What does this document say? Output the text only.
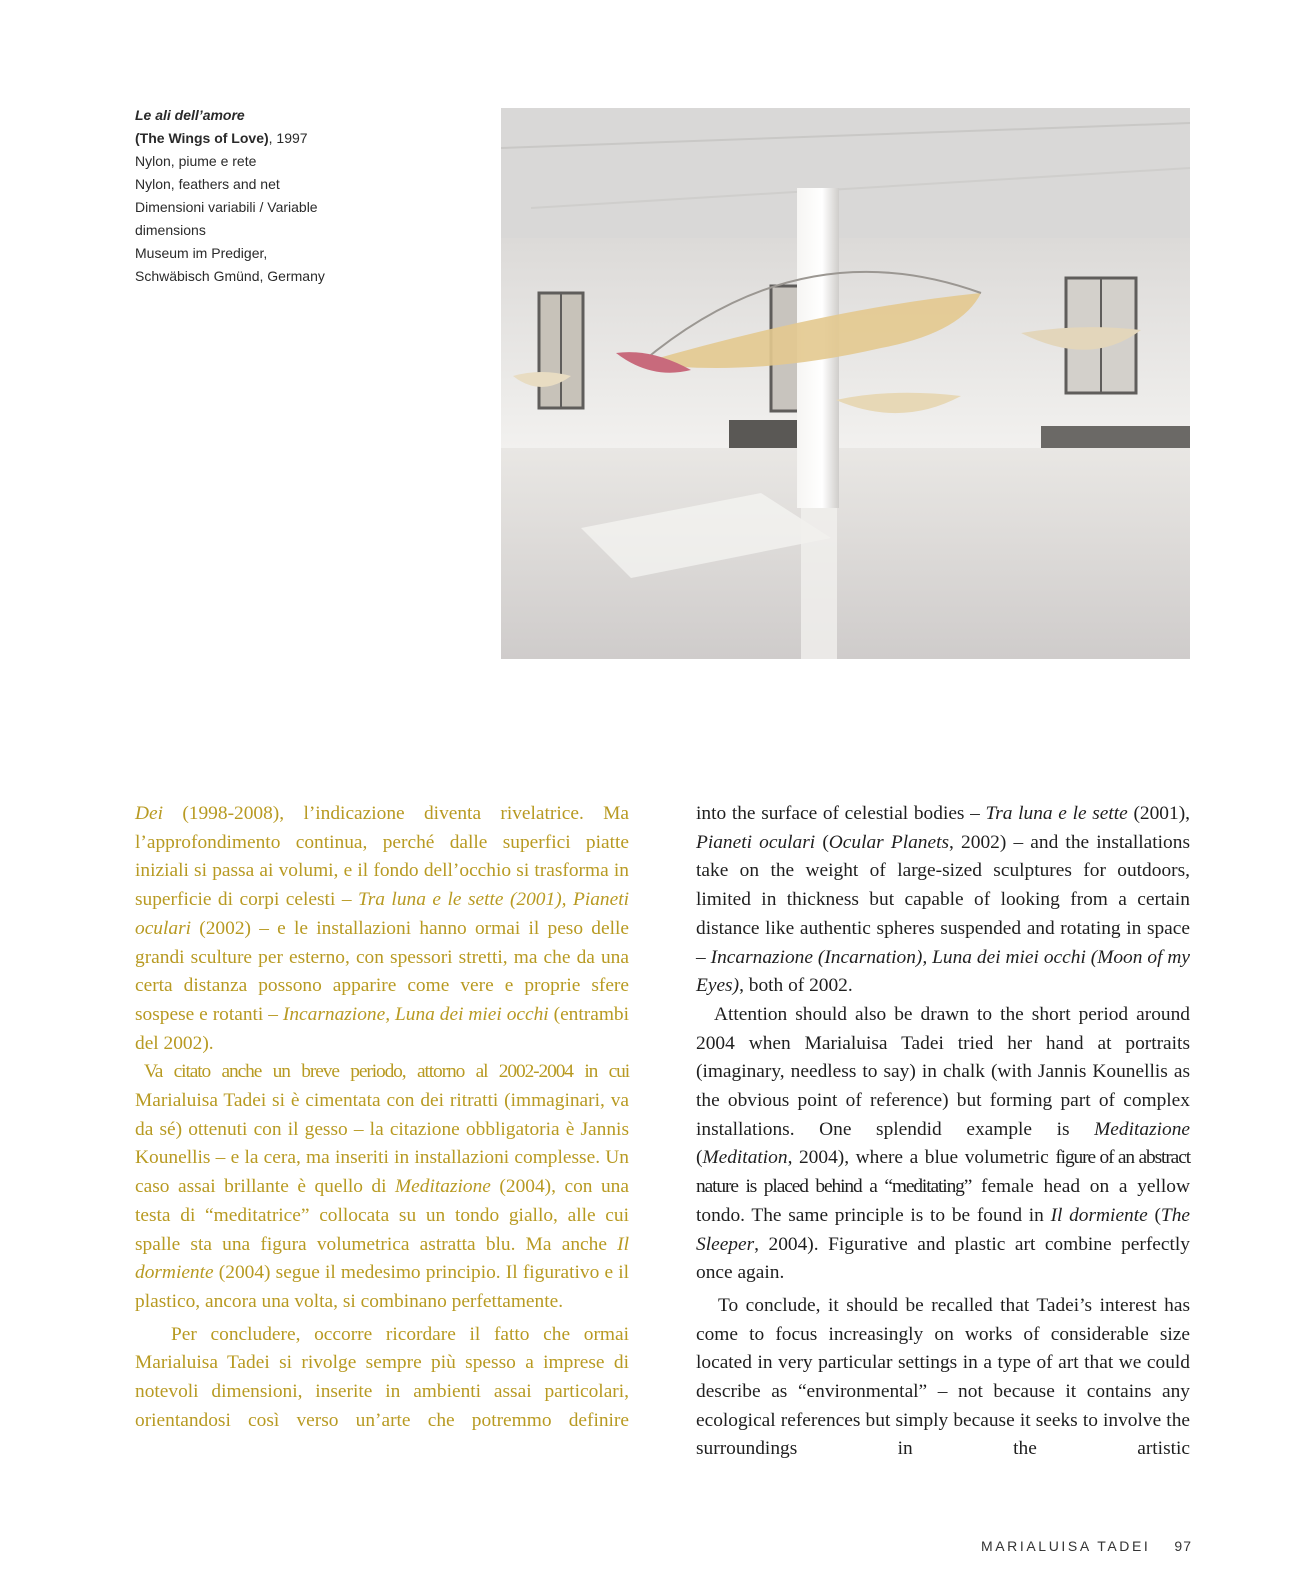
Le ali dell’amore
(The Wings of Love), 1997
Nylon, piume e rete
Nylon, feathers and net
Dimensioni variabili / Variable
dimensions
Museum im Prediger,
Schwäbisch Gmünd, Germany

Dei (1998-2008), l’indicazione diventa rivelatrice. Ma l’approfondimento continua, perché dalle superfici piatte iniziali si passa ai volumi, e il fondo dell’occhio si trasforma in superficie di corpi celesti – Tra luna e le sette (2001), Pianeti oculari (2002) – e le installazioni hanno ormai il peso delle grandi sculture per esterno, con spessori stretti, ma che da una certa distanza possono apparire come vere e proprie sfere sospese e rotanti – Incarnazione, Luna dei miei occhi (entrambi del 2002).

Va citato anche un breve periodo, attorno al 2002-2004 in cui Marialuisa Tadei si è cimentata con dei ritratti (immaginari, va da sé) ottenuti con il gesso – la citazione obbligatoria è Jannis Kounellis – e la cera, ma inseriti in installazioni complesse. Un caso assai brillante è quello di Meditazione (2004), con una testa di “meditatrice” collocata su un tondo giallo, alle cui spalle sta una figura volumetrica astratta blu. Ma anche Il dormiente (2004) segue il medesimo principio. Il figurativo e il plastico, ancora una volta, si combinano perfettamente.

Per concludere, occorre ricordare il fatto che ormai Marialuisa Tadei si rivolge sempre più spesso a imprese di notevoli dimensioni, inserite in ambienti assai particolari, orientandosi così verso un’arte che potremmo definire

into the surface of celestial bodies – Tra luna e le sette (2001), Pianeti oculari (Ocular Planets, 2002) – and the installations take on the weight of large-sized sculptures for outdoors, limited in thickness but capable of looking from a certain distance like authentic spheres suspended and rotating in space – Incarnazione (Incarnation), Luna dei miei occhi (Moon of my Eyes), both of 2002.

Attention should also be drawn to the short period around 2004 when Marialuisa Tadei tried her hand at portraits (imaginary, needless to say) in chalk (with Jannis Kounellis as the obvious point of reference) but forming part of complex installations. One splendid example is Meditazione (Meditation, 2004), where a blue volumetric figure of an abstract nature is placed behind a “meditating” female head on a yellow tondo. The same principle is to be found in Il dormiente (The Sleeper, 2004). Figurative and plastic art combine perfectly once again.

To conclude, it should be recalled that Tadei’s interest has come to focus increasingly on works of considerable size located in very particular settings in a type of art that we could describe as “environmental” – not because it contains any ecological references but simply because it seeks to involve the surroundings in the artistic

MARIALUISA TADEI 97
